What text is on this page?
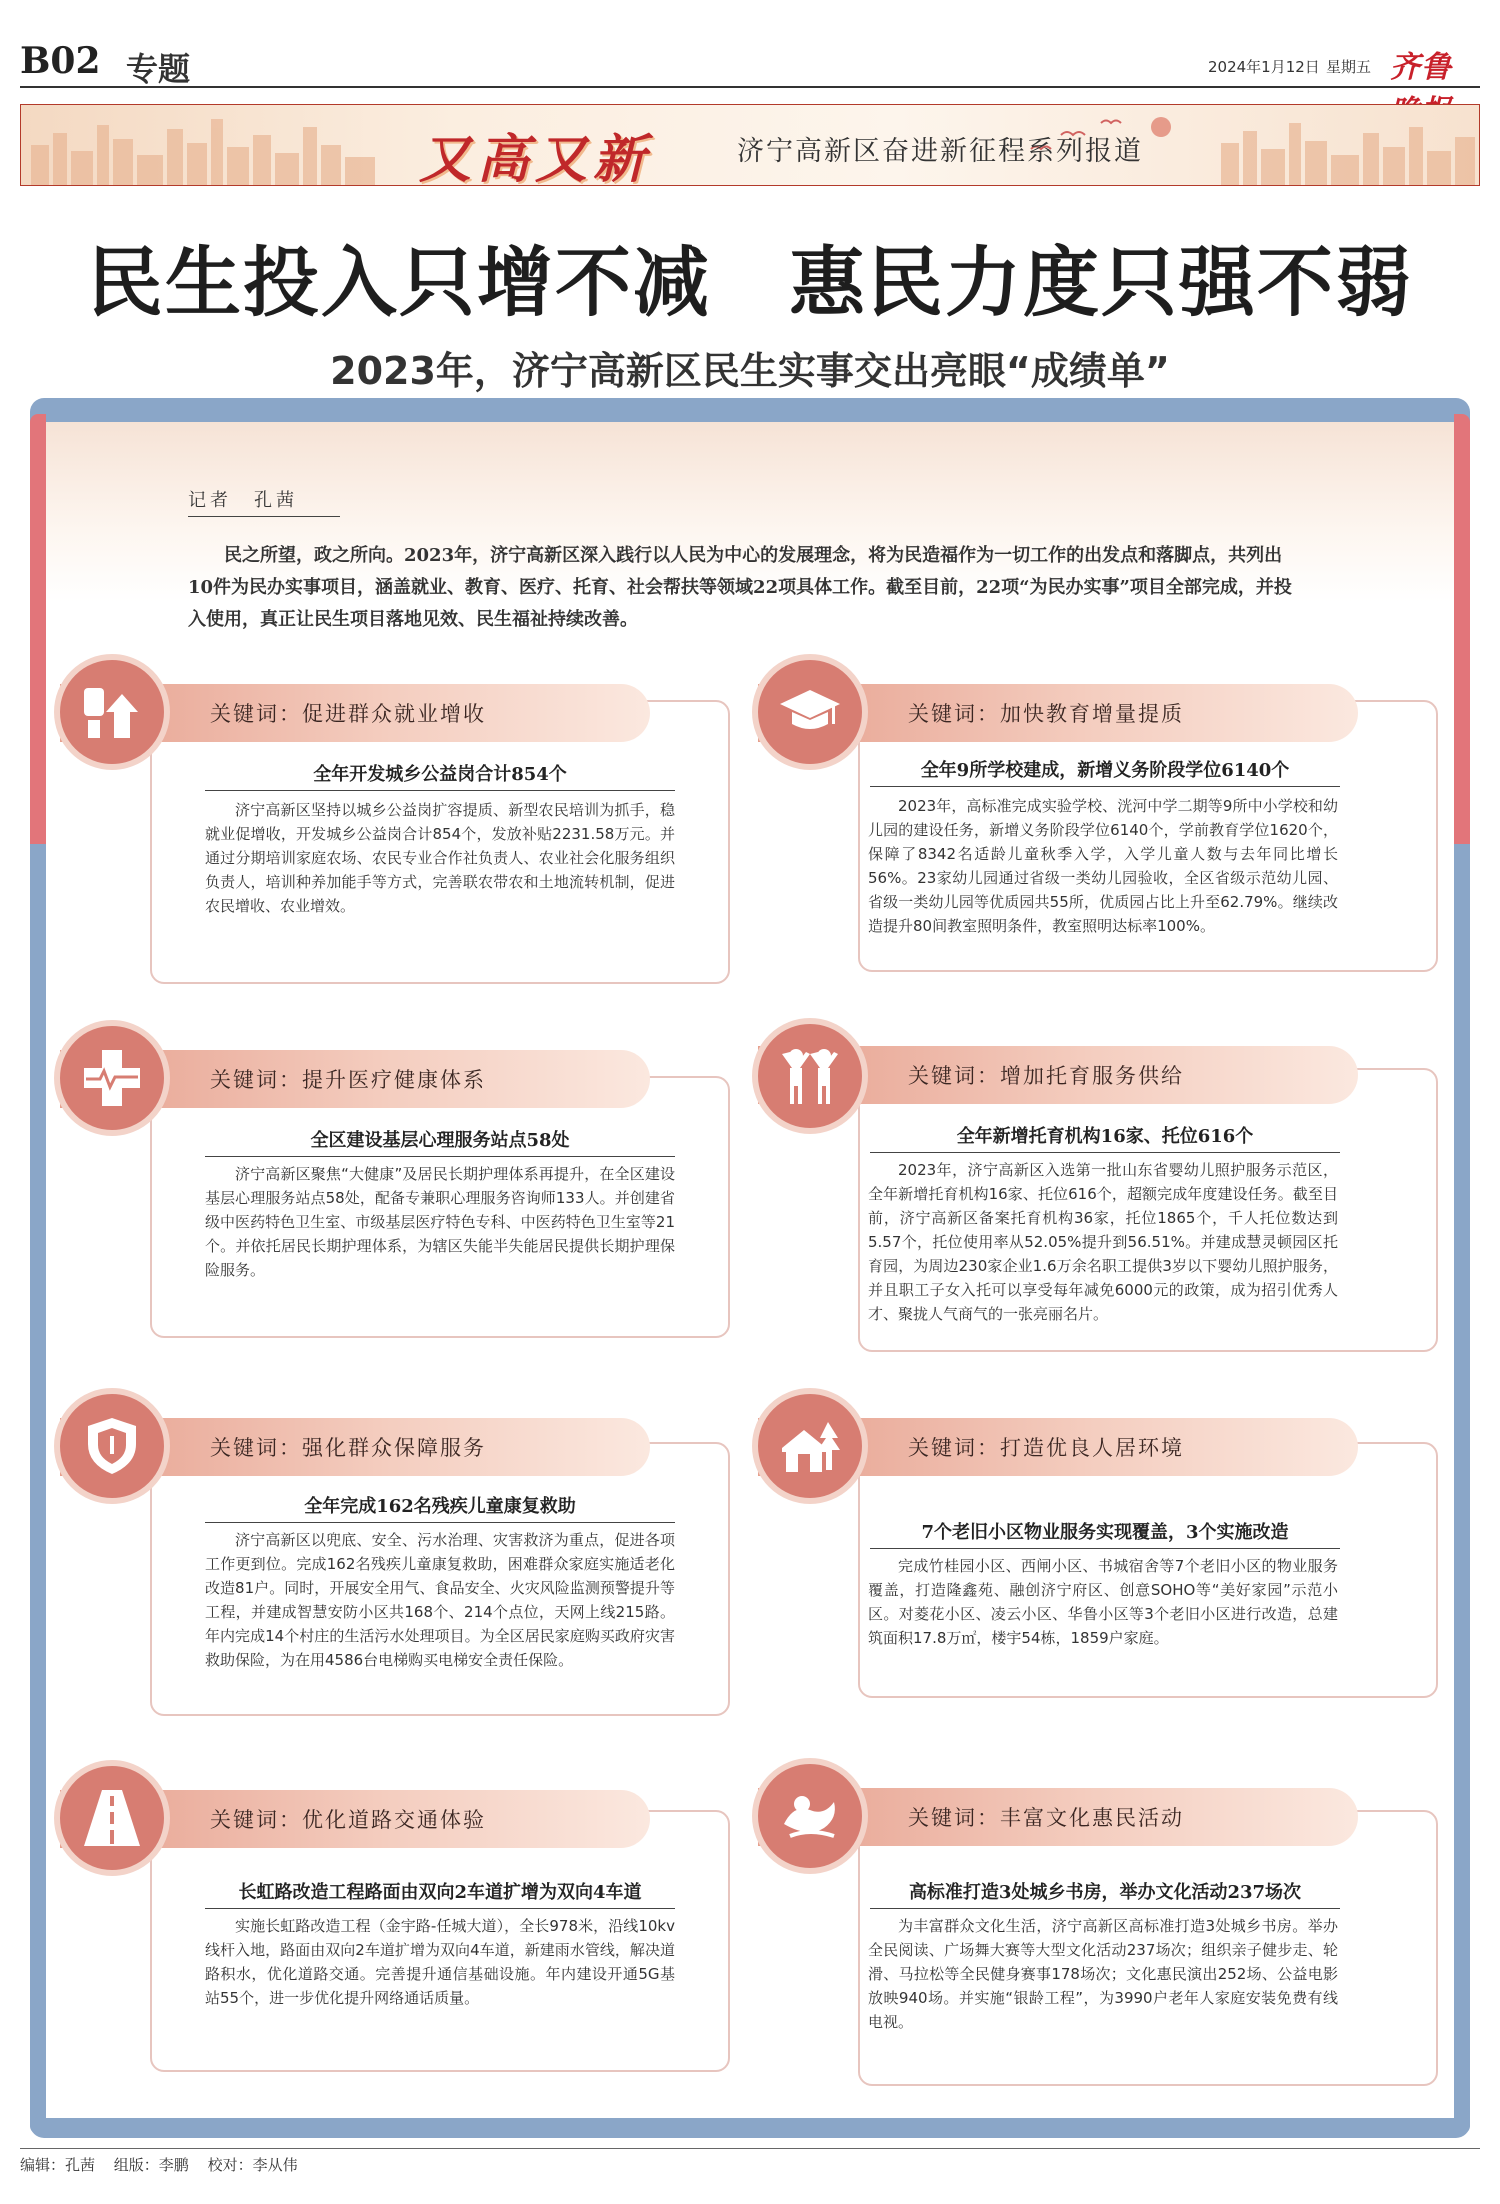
B02 专题	2024年1月12日 星期五 齐鲁
又高又新	济宁高新区奋进新征程系列报道
民生投入只增不减　惠民力度只强不弱
2023年，济宁高新区民生实事交出亮眼“成绩单”
记者　孔茜

民之所望，政之所向。2023年，济宁高新区深入践行以人民为中心的发展理念，将为民造福作为一切工作的出发点和落脚点，共列出10件为民办实事项目，涵盖就业、教育、医疗、托育、社会帮扶等领域22项具体工作。截至目前，22项“为民办实事”项目全部完成，并投入使用，真正让民生项目落地见效、民生福祉持续改善。

关键词：促进群众就业增收
全年开发城乡公益岗合计854个

济宁高新区坚持以城乡公益岗扩容提质、新型农民培训为抓手，稳就业促增收，开发城乡公益岗合计854个，发放补贴2231.58万元。并通过分期培训家庭农场、农民专业合作社负责人、农业社会化服务组织负责人，培训种养加能手等方式，完善联农带农和土地流转机制，促进农民增收、农业增效。

关键词：加快教育增量提质
全年9所学校建成，新增义务阶段学位6140个

2023年，高标准完成实验学校、洸河中学二期等9所中小学校和幼儿园的建设任务，新增义务阶段学位6140个，学前教育学位1620个，保障了8342名适龄儿童秋季入学，入学儿童人数与去年同比增长56%。23家幼儿园通过省级一类幼儿园验收，全区省级示范幼儿园、省级一类幼儿园等优质园共55所，优质园占比上升至62.79%。继续改造提升80间教室照明条件，教室照明达标率100%。

关键词：提升医疗健康体系
全区建设基层心理服务站点58处

济宁高新区聚焦“大健康”及居民长期护理体系再提升，在全区建设基层心理服务站点58处，配备专兼职心理服务咨询师133人。并创建省级中医药特色卫生室、市级基层医疗特色专科、中医药特色卫生室等21个。并依托居民长期护理体系，为辖区失能半失能居民提供长期护理保险服务。

关键词：增加托育服务供给
全年新增托育机构16家、托位616个

2023年，济宁高新区入选第一批山东省婴幼儿照护服务示范区，全年新增托育机构16家、托位616个，超额完成年度建设任务。截至目前，济宁高新区备案托育机构36家，托位1865个，千人托位数达到5.57个，托位使用率从52.05%提升到56.51%。并建成慧灵顿园区托育园，为周边230家企业1.6万余名职工提供3岁以下婴幼儿照护服务，并且职工子女入托可以享受每年减免6000元的政策，成为招引优秀人才、聚拢人气商气的一张亮丽名片。

关键词：强化群众保障服务
全年完成162名残疾儿童康复救助

济宁高新区以兜底、安全、污水治理、灾害救济为重点，促进各项工作更到位。完成162名残疾儿童康复救助，困难群众家庭实施适老化改造81户。同时，开展安全用气、食品安全、火灾风险监测预警提升等工程，并建成智慧安防小区共168个、214个点位，天网上线215路。年内完成14个村庄的生活污水处理项目。为全区居民家庭购买政府灾害救助保险，为在用4586台电梯购买电梯安全责任保险。

关键词：打造优良人居环境
7个老旧小区物业服务实现覆盖，3个实施改造

完成竹桂园小区、西闸小区、书城宿舍等7个老旧小区的物业服务覆盖，打造隆鑫苑、融创济宁府区、创意SOHO等“美好家园”示范小区。对菱花小区、凌云小区、华鲁小区等3个老旧小区进行改造，总建筑面积17.8万㎡，楼宇54栋，1859户家庭。

关键词：优化道路交通体验
长虹路改造工程路面由双向2车道扩增为双向4车道

实施长虹路改造工程（金宇路-任城大道），全长978米，沿线10kv线杆入地，路面由双向2车道扩增为双向4车道，新建雨水管线，解决道路积水，优化道路交通。完善提升通信基础设施。年内建设开通5G基站55个，进一步优化提升网络通话质量。

关键词：丰富文化惠民活动
高标准打造3处城乡书房，举办文化活动237场次

为丰富群众文化生活，济宁高新区高标准打造3处城乡书房。举办全民阅读、广场舞大赛等大型文化活动237场次；组织亲子健步走、轮滑、马拉松等全民健身赛事178场次；文化惠民演出252场、公益电影放映940场。并实施“银龄工程”，为3990户老年人家庭安装免费有线电视。

编辑：孔茜 组版：李鹏 校对：李从伟
